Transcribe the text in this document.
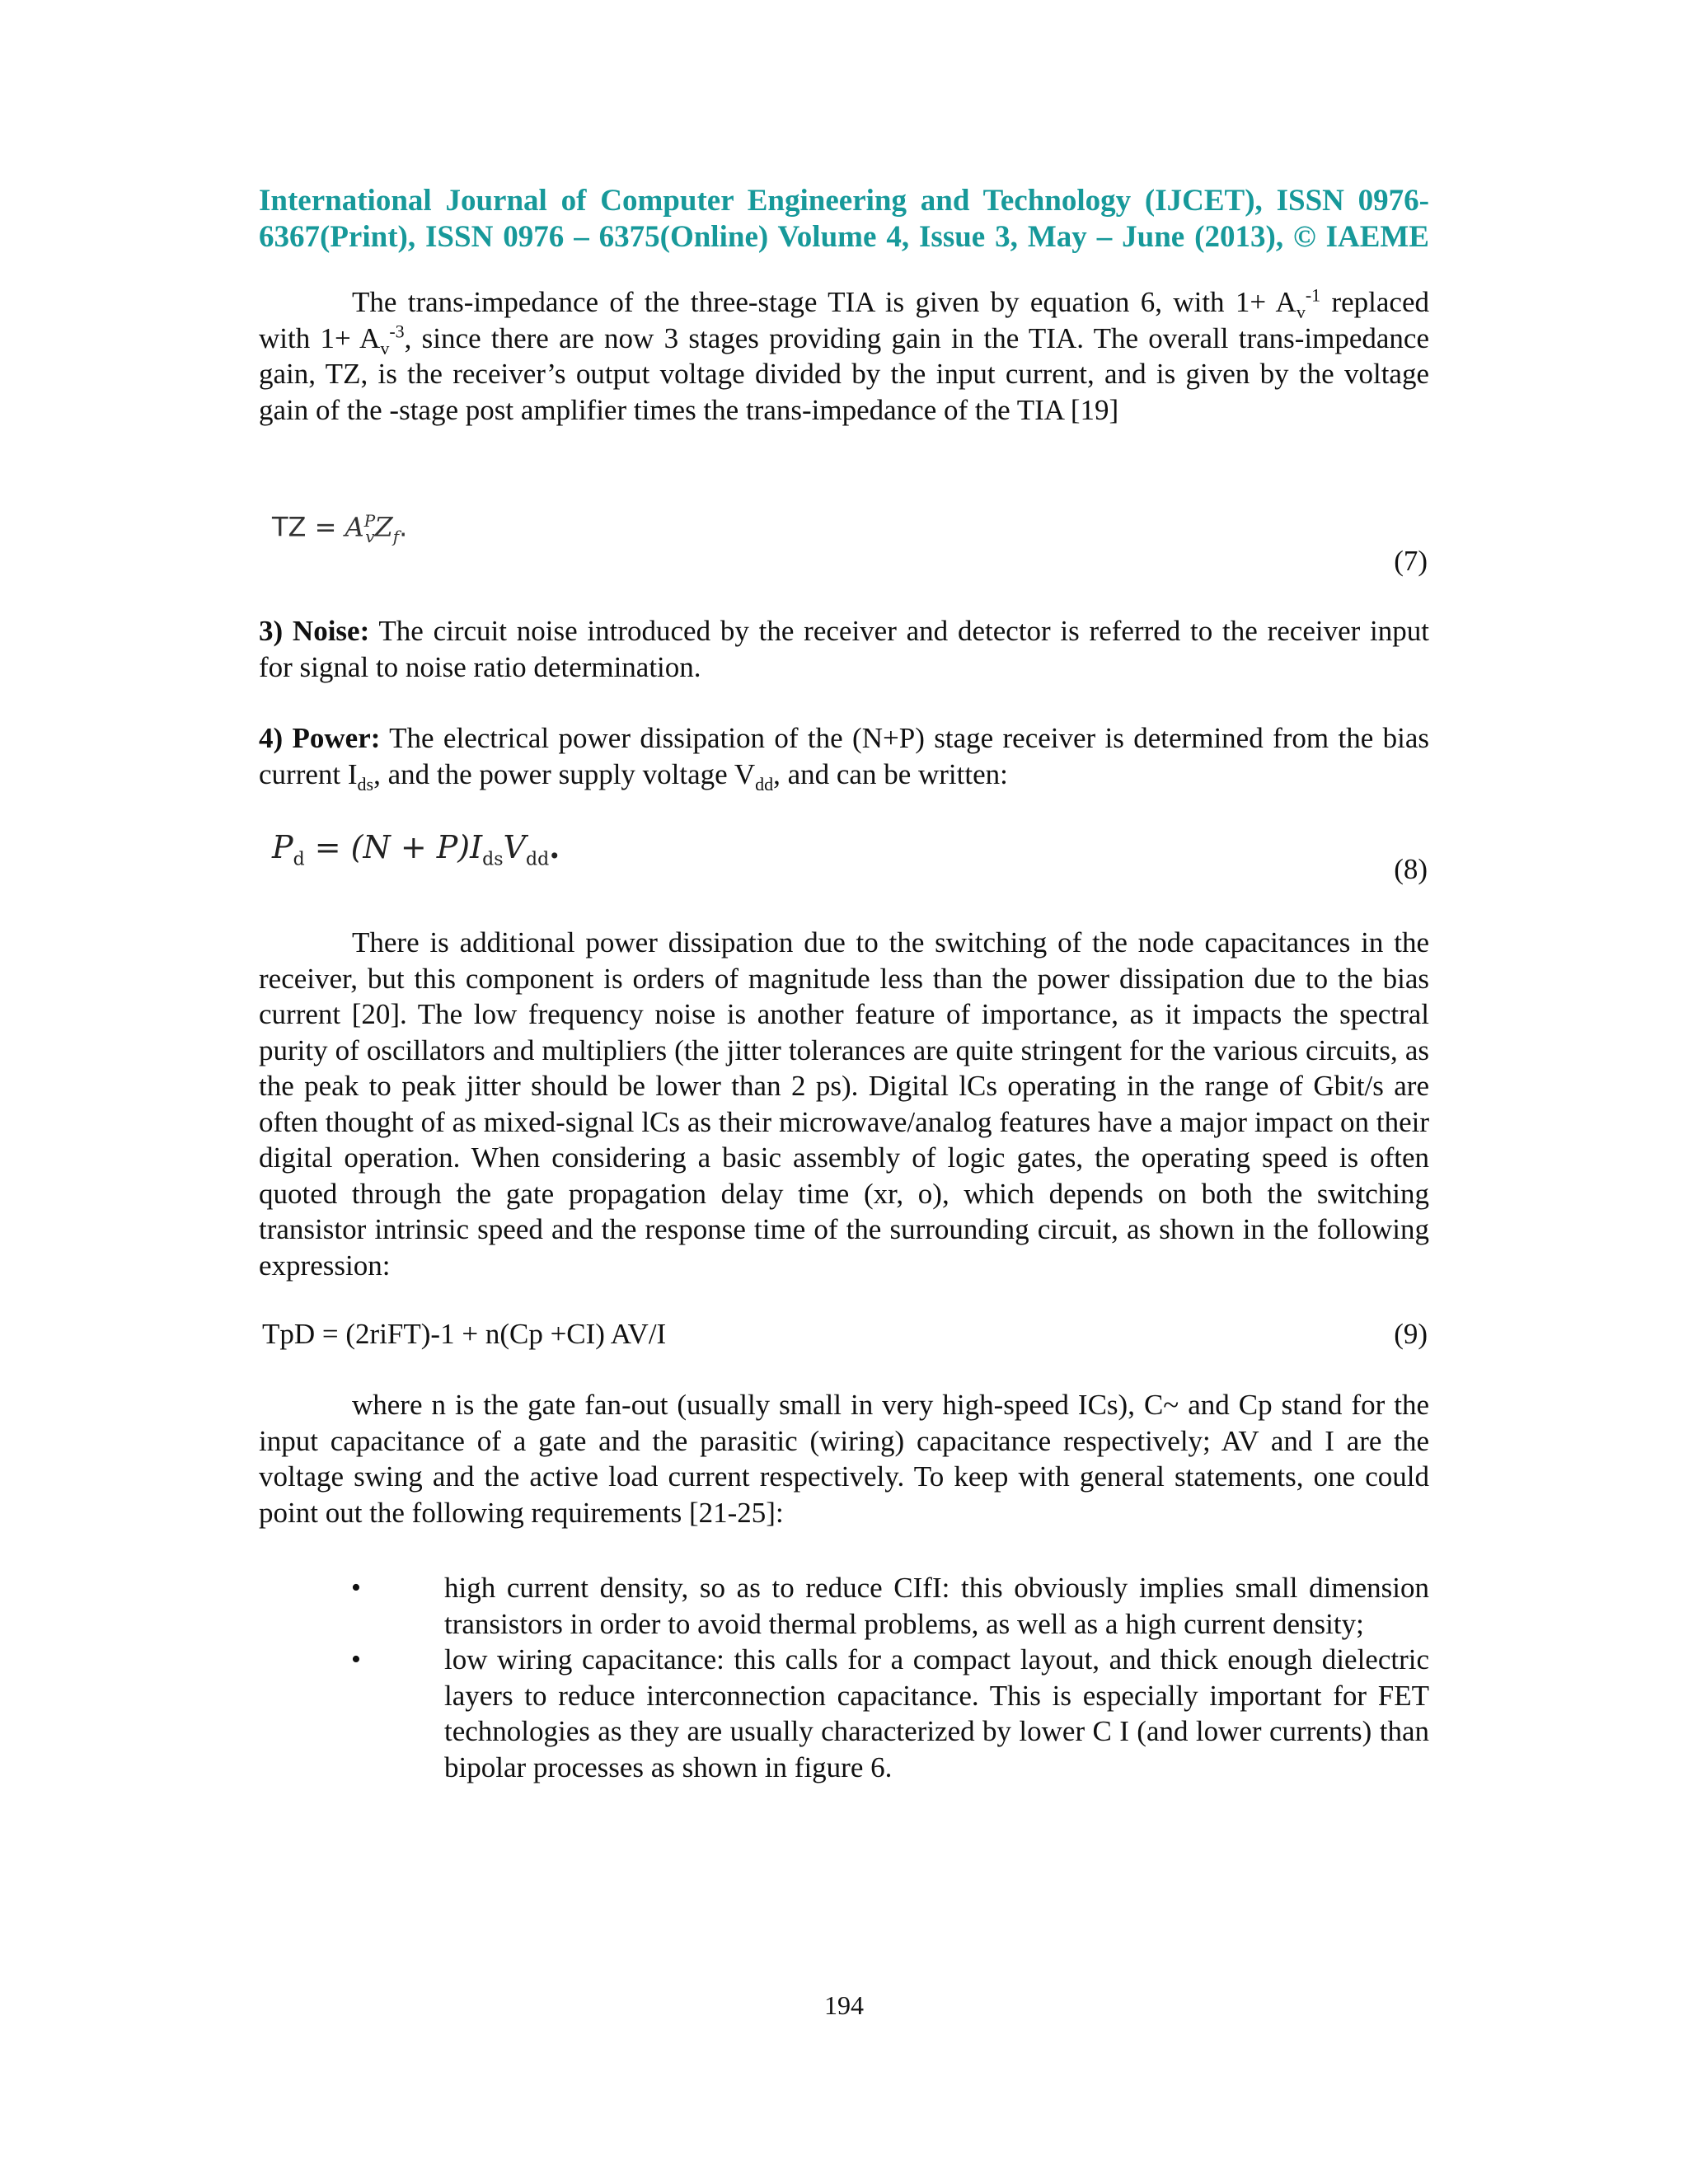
International Journal of Computer Engineering and Technology (IJCET), ISSN 0976-
6367(Print), ISSN 0976 – 6375(Online) Volume 4, Issue 3, May – June (2013), © IAEME

The trans-impedance of the three-stage TIA is given by equation 6, with $1+ A_v^{-1}$ replaced with $1+ A_v^{-3}$, since there are now 3 stages providing gain in the TIA. The overall trans-impedance gain, TZ, is the receiver’s output voltage divided by the input current, and is given by the voltage gain of the -stage post amplifier times the trans-impedance of the TIA [19]

TZ = $A^P_vZ_f$.
(7)

3) Noise: The circuit noise introduced by the receiver and detector is referred to the receiver input for signal to noise ratio determination.

4) Power: The electrical power dissipation of the (N+P) stage receiver is determined from the bias current $I_{ds}$, and the power supply voltage $V_{dd}$, and can be written:

$P_d = (N + P)I_{ds}V_{dd}$.
(8)

There is additional power dissipation due to the switching of the node capacitances in the receiver, but this component is orders of magnitude less than the power dissipation due to the bias current [20]. The low frequency noise is another feature of importance, as it impacts the spectral purity of oscillators and multipliers (the jitter tolerances are quite stringent for the various circuits, as the peak to peak jitter should be lower than 2 ps). Digital lCs operating in the range of Gbit/s are often thought of as mixed-signal lCs as their microwave/analog features have a major impact on their digital operation. When considering a basic assembly of logic gates, the operating speed is often quoted through the gate propagation delay time (xr, o), which depends on both the switching transistor intrinsic speed and the response time of the surrounding circuit, as shown in the following expression:

TpD = (2riFT)-1 + n(Cp +CI) AV/I	(9)

where n is the gate fan-out (usually small in very high-speed ICs), C~ and Cp stand for the input capacitance of a gate and the parasitic (wiring) capacitance respectively; AV and I are the voltage swing and the active load current respectively. To keep with general statements, one could point out the following requirements [21-25]:

•	high current density, so as to reduce CIfI: this obviously implies small dimension transistors in order to avoid thermal problems, as well as a high current density;
•	low wiring capacitance: this calls for a compact layout, and thick enough dielectric layers to reduce interconnection capacitance. This is especially important for FET technologies as they are usually characterized by lower C I (and lower currents) than bipolar processes as shown in figure 6.
194
